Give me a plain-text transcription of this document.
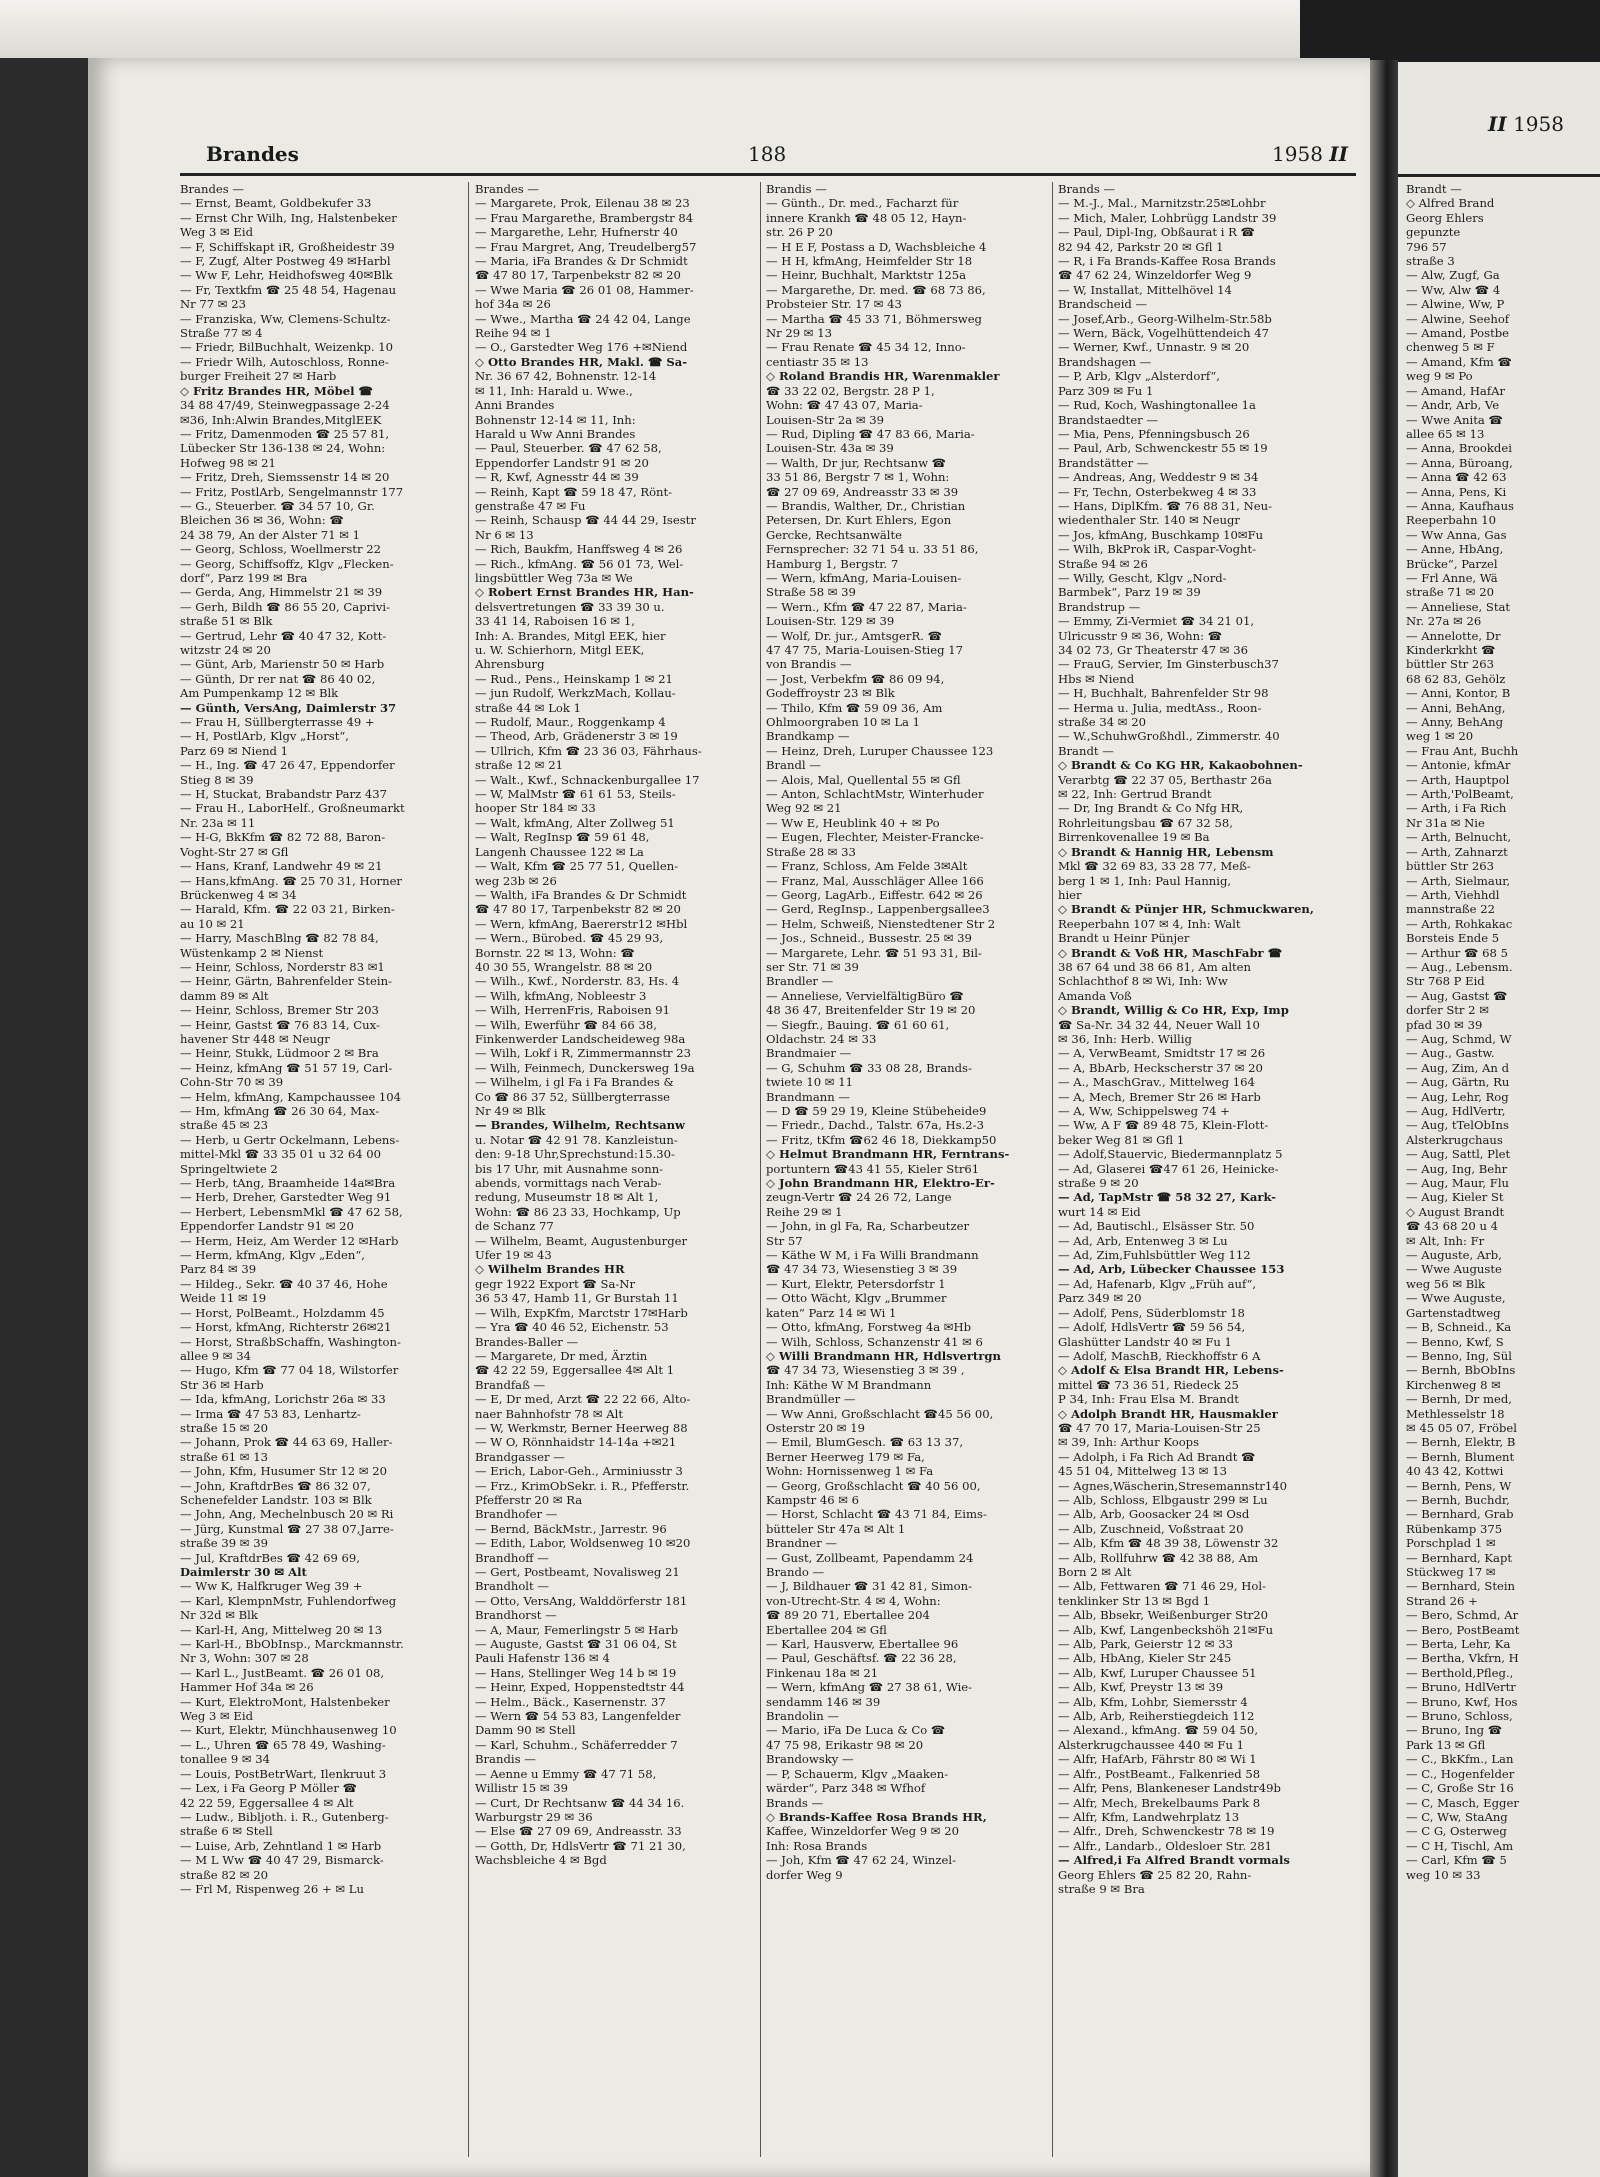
II 1958
Brandt —
◇ Alfred Brand
Georg Ehlers
gepunzte
796 57
straße 3
— Alw, Zugf, Ga
— Ww, Alw ☎ 4
— Alwine, Ww, P
— Alwine, Seehof
— Amand, Postbe
chenweg 5 ✉ F
— Amand, Kfm ☎
weg 9 ✉ Po
— Amand, HafAr
— Andr, Arb, Ve
— Wwe Anita ☎
allee 65 ✉ 13
— Anna, Brookdei
— Anna, Büroang,
— Anna ☎ 42 63
— Anna, Pens, Ki
— Anna, Kaufhaus
Reeperbahn 10
— Ww Anna, Gas
— Anne, HbAng,
Brücke“, Parzel
— Frl Anne, Wä
straße 71 ✉ 20
— Anneliese, Stat
Nr. 27a ✉ 26
— Annelotte, Dr
Kinderkrkht ☎
büttler Str 263
68 62 83, Gehölz
— Anni, Kontor, B
— Anni, BehAng,
— Anny, BehAng
weg 1 ✉ 20
— Frau Ant, Buchh
— Antonie, kfmAr
— Arth, Hauptpol
— Arth,'PolBeamt,
— Arth, i Fa Rich
Nr 31a ✉ Nie
— Arth, Belnucht,
— Arth, Zahnarzt
büttler Str 263
— Arth, Sielmaur,
— Arth, Viehhdl
mannstraße 22
— Arth, Rohkakac
Borsteis Ende 5
— Arthur ☎ 68 5
— Aug., Lebensm.
Str 768 P Eid
— Aug, Gastst ☎
dorfer Str 2 ✉
pfad 30 ✉ 39
— Aug, Schmd, W
— Aug., Gastw.
— Aug, Zim, An d
— Aug, Gärtn, Ru
— Aug, Lehr, Rog
— Aug, HdlVertr,
— Aug, tTelObIns
Alsterkrugchaus
— Aug, Sattl, Plet
— Aug, Ing, Behr
— Aug, Maur, Flu
— Aug, Kieler St
◇ August Brandt
☎ 43 68 20 u 4
✉ Alt, Inh: Fr
— Auguste, Arb,
— Wwe Auguste
weg 56 ✉ Blk
— Wwe Auguste,
Gartenstadtweg
— B, Schneid., Ka
— Benno, Kwf, S
— Benno, Ing, Sül
— Bernh, BbObIns
Kirchenweg 8 ✉
— Bernh, Dr med,
Methlesselstr 18
✉ 45 05 07, Fröbel
— Bernh, Elektr, B
— Bernh, Blument
40 43 42, Kottwi
— Bernh, Pens, W
— Bernh, Buchdr,
— Bernhard, Grab
Rübenkamp 375
Porschplad 1 ✉
— Bernhard, Kapt
Stückweg 17 ✉
— Bernhard, Stein
Strand 26 +
— Bero, Schmd, Ar
— Bero, PostBeamt
— Berta, Lehr, Ka
— Bertha, Vkfrn, H
— Berthold,Pfleg.,
— Bruno, HdlVertr
— Bruno, Kwf, Hos
— Bruno, Schloss,
— Bruno, Ing ☎
Park 13 ✉ Gfl
— C., BkKfm., Lan
— C., Hogenfelder
— C, Große Str 16
— C, Masch, Egger
— C, Ww, StaAng
— C G, Osterweg
— C H, Tischl, Am
— Carl, Kfm ☎ 5
weg 10 ✉ 33
Brandes	188	1958 II
Brandes —
— Ernst, Beamt, Goldbekufer 33
— Ernst Chr Wilh, Ing, Halstenbeker
Weg 3 ✉ Eid
— F, Schiffskapt iR, Großheidestr 39
— F, Zugf, Alter Postweg 49 ✉Harbl
— Ww F, Lehr, Heidhofsweg 40✉Blk
— Fr, Textkfm ☎ 25 48 54, Hagenau
Nr 77 ✉ 23
— Franziska, Ww, Clemens-Schultz-
Straße 77 ✉ 4
— Friedr, BilBuchhalt, Weizenkp. 10
— Friedr Wilh, Autoschloss, Ronne-
burger Freiheit 27 ✉ Harb
◇ Fritz Brandes HR, Möbel ☎
34 88 47/49, Steinwegpassage 2-24
✉36, Inh:Alwin Brandes,MitglEEK
— Fritz, Damenmoden ☎ 25 57 81,
Lübecker Str 136-138 ✉ 24, Wohn:
Hofweg 98 ✉ 21
— Fritz, Dreh, Siemssenstr 14 ✉ 20
— Fritz, PostlArb, Sengelmannstr 177
— G., Steuerber. ☎ 34 57 10, Gr.
Bleichen 36 ✉ 36, Wohn: ☎
24 38 79, An der Alster 71 ✉ 1
— Georg, Schloss, Woellmerstr 22
— Georg, Schiffsoffz, Klgv „Flecken-
dorf“, Parz 199 ✉ Bra
— Gerda, Ang, Himmelstr 21 ✉ 39
— Gerh, Bildh ☎ 86 55 20, Caprivi-
straße 51 ✉ Blk
— Gertrud, Lehr ☎ 40 47 32, Kott-
witzstr 24 ✉ 20
— Günt, Arb, Marienstr 50 ✉ Harb
— Günth, Dr rer nat ☎ 86 40 02,
Am Pumpenkamp 12 ✉ Blk
— Günth, VersAng, Daimlerstr 37
— Frau H, Süllbergterrasse 49 +
— H, PostlArb, Klgv „Horst“,
Parz 69 ✉ Niend 1
— H., Ing. ☎ 47 26 47, Eppendorfer
Stieg 8 ✉ 39
— H, Stuckat, Brabandstr Parz 437
— Frau H., LaborHelf., Großneumarkt
Nr. 23a ✉ 11
— H-G, BkKfm ☎ 82 72 88, Baron-
Voght-Str 27 ✉ Gfl
— Hans, Kranf, Landwehr 49 ✉ 21
— Hans,kfmAng. ☎ 25 70 31, Horner
Brückenweg 4 ✉ 34
— Harald, Kfm. ☎ 22 03 21, Birken-
au 10 ✉ 21
— Harry, MaschBlng ☎ 82 78 84,
Wüstenkamp 2 ✉ Nienst
— Heinr, Schloss, Norderstr 83 ✉1
— Heinr, Gärtn, Bahrenfelder Stein-
damm 89 ✉ Alt
— Heinr, Schloss, Bremer Str 203
— Heinr, Gastst ☎ 76 83 14, Cux-
havener Str 448 ✉ Neugr
— Heinr, Stukk, Lüdmoor 2 ✉ Bra
— Heinz, kfmAng ☎ 51 57 19, Carl-
Cohn-Str 70 ✉ 39
— Helm, kfmAng, Kampchaussee 104
— Hm, kfmAng ☎ 26 30 64, Max-
straße 45 ✉ 23
— Herb, u Gertr Ockelmann, Lebens-
mittel-Mkl ☎ 33 35 01 u 32 64 00
Springeltwiete 2
— Herb, tAng, Braamheide 14a✉Bra
— Herb, Dreher, Garstedter Weg 91
— Herbert, LebensmMkl ☎ 47 62 58,
Eppendorfer Landstr 91 ✉ 20
— Herm, Heiz, Am Werder 12 ✉Harb
— Herm, kfmAng, Klgv „Eden“,
Parz 84 ✉ 39
— Hildeg., Sekr. ☎ 40 37 46, Hohe
Weide 11 ✉ 19
— Horst, PolBeamt., Holzdamm 45
— Horst, kfmAng, Richterstr 26✉21
— Horst, StraßbSchaffn, Washington-
allee 9 ✉ 34
— Hugo, Kfm ☎ 77 04 18, Wilstorfer
Str 36 ✉ Harb
— Ida, kfmAng, Lorichstr 26a ✉ 33
— Irma ☎ 47 53 83, Lenhartz-
straße 15 ✉ 20
— Johann, Prok ☎ 44 63 69, Haller-
straße 61 ✉ 13
— John, Kfm, Husumer Str 12 ✉ 20
— John, KraftdrBes ☎ 86 32 07,
Schenefelder Landstr. 103 ✉ Blk
— John, Ang, Mechelnbusch 20 ✉ Ri
— Jürg, Kunstmal ☎ 27 38 07,Jarre-
straße 39 ✉ 39
— Jul, KraftdrBes ☎ 42 69 69,
Daimlerstr 30 ✉ Alt
— Ww K, Halfkruger Weg 39 +
— Karl, KlempnMstr, Fuhlendorfweg
Nr 32d ✉ Blk
— Karl-H, Ang, Mittelweg 20 ✉ 13
— Karl-H., BbObInsp., Marckmannstr.
Nr 3, Wohn: 307 ✉ 28
— Karl L., JustBeamt. ☎ 26 01 08,
Hammer Hof 34a ✉ 26
— Kurt, ElektroMont, Halstenbeker
Weg 3 ✉ Eid
— Kurt, Elektr, Münchhausenweg 10
— L., Uhren ☎ 65 78 49, Washing-
tonallee 9 ✉ 34
— Louis, PostBetrWart, Ilenkruut 3
— Lex, i Fa Georg P Möller ☎
42 22 59, Eggersallee 4 ✉ Alt
— Ludw., Bibljoth. i. R., Gutenberg-
straße 6 ✉ Stell
— Luise, Arb, Zehntland 1 ✉ Harb
— M L Ww ☎ 40 47 29, Bismarck-
straße 82 ✉ 20
— Frl M, Rispenweg 26 + ✉ Lu
Brandes —
— Margarete, Prok, Eilenau 38 ✉ 23
— Frau Margarethe, Brambergstr 84
— Margarethe, Lehr, Hufnerstr 40
— Frau Margret, Ang, Treudelberg57
— Maria, iFa Brandes & Dr Schmidt
☎ 47 80 17, Tarpenbekstr 82 ✉ 20
— Wwe Maria ☎ 26 01 08, Hammer-
hof 34a ✉ 26
— Wwe., Martha ☎ 24 42 04, Lange
Reihe 94 ✉ 1
— O., Garstedter Weg 176 +✉Niend
◇ Otto Brandes HR, Makl. ☎ Sa-
Nr. 36 67 42, Bohnenstr. 12-14
✉ 11, Inh: Harald u. Wwe.,
Anni Brandes
Bohnenstr 12-14 ✉ 11, Inh:
Harald u Ww Anni Brandes
— Paul, Steuerber. ☎ 47 62 58,
Eppendorfer Landstr 91 ✉ 20
— R, Kwf, Agnesstr 44 ✉ 39
— Reinh, Kapt ☎ 59 18 47, Rönt-
genstraße 47 ✉ Fu
— Reinh, Schausp ☎ 44 44 29, Isestr
Nr 6 ✉ 13
— Rich, Baukfm, Hanffsweg 4 ✉ 26
— Rich., kfmAng. ☎ 56 01 73, Wel-
lingsbüttler Weg 73a ✉ We
◇ Robert Ernst Brandes HR, Han-
delsvertretungen ☎ 33 39 30 u.
33 41 14, Raboisen 16 ✉ 1,
Inh: A. Brandes, Mitgl EEK, hier
u. W. Schierhorn, Mitgl EEK,
Ahrensburg
— Rud., Pens., Heinskamp 1 ✉ 21
— jun Rudolf, WerkzMach, Kollau-
straße 44 ✉ Lok 1
— Rudolf, Maur., Roggenkamp 4
— Theod, Arb, Grädenerstr 3 ✉ 19
— Ullrich, Kfm ☎ 23 36 03, Fährhaus-
straße 12 ✉ 21
— Walt., Kwf., Schnackenburgallee 17
— W, MalMstr ☎ 61 61 53, Steils-
hooper Str 184 ✉ 33
— Walt, kfmAng, Alter Zollweg 51
— Walt, RegInsp ☎ 59 61 48,
Langenh Chaussee 122 ✉ La
— Walt, Kfm ☎ 25 77 51, Quellen-
weg 23b ✉ 26
— Walth, iFa Brandes & Dr Schmidt
☎ 47 80 17, Tarpenbekstr 82 ✉ 20
— Wern, kfmAng, Baererstr12 ✉Hbl
— Wern., Bürobed. ☎ 45 29 93,
Bornstr. 22 ✉ 13, Wohn: ☎
40 30 55, Wrangelstr. 88 ✉ 20
— Wilh., Kwf., Norderstr. 83, Hs. 4
— Wilh, kfmAng, Nobleestr 3
— Wilh, HerrenFris, Raboisen 91
— Wilh, Ewerführ ☎ 84 66 38,
Finkenwerder Landscheideweg 98a
— Wilh, Lokf i R, Zimmermannstr 23
— Wilh, Feinmech, Dunckersweg 19a
— Wilhelm, i gl Fa i Fa Brandes &
Co ☎ 86 37 52, Süllbergterrasse
Nr 49 ✉ Blk
— Brandes, Wilhelm, Rechtsanw
u. Notar ☎ 42 91 78. Kanzleistun-
den: 9-18 Uhr,Sprechstund:15.30-
bis 17 Uhr, mit Ausnahme sonn-
abends, vormittags nach Verab-
redung, Museumstr 18 ✉ Alt 1,
Wohn: ☎ 86 23 33, Hochkamp, Up
de Schanz 77
— Wilhelm, Beamt, Augustenburger
Ufer 19 ✉ 43
◇ Wilhelm Brandes HR
gegr 1922 Export ☎ Sa-Nr
36 53 47, Hamb 11, Gr Burstah 11
— Wilh, ExpKfm, Marctstr 17✉Harb
— Yra ☎ 40 46 52, Eichenstr. 53
Brandes-Baller —
— Margarete, Dr med, Ärztin
☎ 42 22 59, Eggersallee 4✉ Alt 1
Brandfaß —
— E, Dr med, Arzt ☎ 22 22 66, Alto-
naer Bahnhofstr 78 ✉ Alt
— W, Werkmstr, Berner Heerweg 88
— W O, Rönnhaidstr 14-14a +✉21
Brandgasser —
— Erich, Labor-Geh., Arminiusstr 3
— Frz., KrimObSekr. i. R., Pfefferstr.
Pfefferstr 20 ✉ Ra
Brandhofer —
— Bernd, BäckMstr., Jarrestr. 96
— Edith, Labor, Woldsenweg 10 ✉20
Brandhoff —
— Gert, Postbeamt, Novalisweg 21
Brandholt —
— Otto, VersAng, Walddörferstr 181
Brandhorst —
— A, Maur, Femerlingstr 5 ✉ Harb
— Auguste, Gastst ☎ 31 06 04, St
Pauli Hafenstr 136 ✉ 4
— Hans, Stellinger Weg 14 b ✉ 19
— Heinr, Exped, Hoppenstedtstr 44
— Helm., Bäck., Kasernenstr. 37
— Wern ☎ 54 53 83, Langenfelder
Damm 90 ✉ Stell
— Karl, Schuhm., Schäferredder 7
Brandis —
— Aenne u Emmy ☎ 47 71 58,
Willistr 15 ✉ 39
— Curt, Dr Rechtsanw ☎ 44 34 16.
Warburgstr 29 ✉ 36
— Else ☎ 27 09 69, Andreasstr. 33
— Gotth, Dr, HdlsVertr ☎ 71 21 30,
Wachsbleiche 4 ✉ Bgd
Brandis —
— Günth., Dr. med., Facharzt für
innere Krankh ☎ 48 05 12, Hayn-
str. 26 P 20
— H E F, Postass a D, Wachsbleiche 4
— H H, kfmAng, Heimfelder Str 18
— Heinr, Buchhalt, Marktstr 125a
— Margarethe, Dr. med. ☎ 68 73 86,
Probsteier Str. 17 ✉ 43
— Martha ☎ 45 33 71, Böhmersweg
Nr 29 ✉ 13
— Frau Renate ☎ 45 34 12, Inno-
centiastr 35 ✉ 13
◇ Roland Brandis HR, Warenmakler
☎ 33 22 02, Bergstr. 28 P 1,
Wohn: ☎ 47 43 07, Maria-
Louisen-Str 2a ✉ 39
— Rud, Dipling ☎ 47 83 66, Maria-
Louisen-Str. 43a ✉ 39
— Walth, Dr jur, Rechtsanw ☎
33 51 86, Bergstr 7 ✉ 1, Wohn:
☎ 27 09 69, Andreasstr 33 ✉ 39
— Brandis, Walther, Dr., Christian
Petersen, Dr. Kurt Ehlers, Egon
Gercke, Rechtsanwälte
Fernsprecher: 32 71 54 u. 33 51 86,
Hamburg 1, Bergstr. 7
— Wern, kfmAng, Maria-Louisen-
Straße 58 ✉ 39
— Wern., Kfm ☎ 47 22 87, Maria-
Louisen-Str. 129 ✉ 39
— Wolf, Dr. jur., AmtsgerR. ☎
47 47 75, Maria-Louisen-Stieg 17
von Brandis —
— Jost, Verbekfm ☎ 86 09 94,
Godeffroystr 23 ✉ Blk
— Thilo, Kfm ☎ 59 09 36, Am
Ohlmoorgraben 10 ✉ La 1
Brandkamp —
— Heinz, Dreh, Luruper Chaussee 123
Brandl —
— Alois, Mal, Quellental 55 ✉ Gfl
— Anton, SchlachtMstr, Winterhuder
Weg 92 ✉ 21
— Ww E, Heublink 40 + ✉ Po
— Eugen, Flechter, Meister-Francke-
Straße 28 ✉ 33
— Franz, Schloss, Am Felde 3✉Alt
— Franz, Mal, Ausschläger Allee 166
— Georg, LagArb., Eiffestr. 642 ✉ 26
— Gerd, RegInsp., Lappenbergsallee3
— Helm, Schweiß, Nienstedtener Str 2
— Jos., Schneid., Bussestr. 25 ✉ 39
— Margarete, Lehr. ☎ 51 93 31, Bil-
ser Str. 71 ✉ 39
Brandler —
— Anneliese, VervielfältigBüro ☎
48 36 47, Breitenfelder Str 19 ✉ 20
— Siegfr., Bauing. ☎ 61 60 61,
Oldachstr. 24 ✉ 33
Brandmaier —
— G, Schuhm ☎ 33 08 28, Brands-
twiete 10 ✉ 11
Brandmann —
— D ☎ 59 29 19, Kleine Stübeheide9
— Friedr., Dachd., Talstr. 67a, Hs.2-3
— Fritz, tKfm ☎62 46 18, Diekkamp50
◇ Helmut Brandmann HR, Ferntrans-
portuntern ☎43 41 55, Kieler Str61
◇ John Brandmann HR, Elektro-Er-
zeugn-Vertr ☎ 24 26 72, Lange
Reihe 29 ✉ 1
— John, in gl Fa, Ra, Scharbeutzer
Str 57
— Käthe W M, i Fa Willi Brandmann
☎ 47 34 73, Wiesenstieg 3 ✉ 39
— Kurt, Elektr, Petersdorfstr 1
— Otto Wächt, Klgv „Brummer
katen“ Parz 14 ✉ Wi 1
— Otto, kfmAng, Forstweg 4a ✉Hb
— Wilh, Schloss, Schanzenstr 41 ✉ 6
◇ Willi Brandmann HR, Hdlsvertrgn
☎ 47 34 73, Wiesenstieg 3 ✉ 39 ,
Inh: Käthe W M Brandmann
Brandmüller —
— Ww Anni, Großschlacht ☎45 56 00,
Osterstr 20 ✉ 19
— Emil, BlumGesch. ☎ 63 13 37,
Berner Heerweg 179 ✉ Fa,
Wohn: Hornissenweg 1 ✉ Fa
— Georg, Großschlacht ☎ 40 56 00,
Kampstr 46 ✉ 6
— Horst, Schlacht ☎ 43 71 84, Eims-
bütteler Str 47a ✉ Alt 1
Brandner —
— Gust, Zollbeamt, Papendamm 24
Brando —
— J, Bildhauer ☎ 31 42 81, Simon-
von-Utrecht-Str. 4 ✉ 4, Wohn:
☎ 89 20 71, Ebertallee 204
Ebertallee 204 ✉ Gfl
— Karl, Hausverw, Ebertallee 96
— Paul, Geschäftsf. ☎ 22 36 28,
Finkenau 18a ✉ 21
— Wern, kfmAng ☎ 27 38 61, Wie-
sendamm 146 ✉ 39
Brandolin —
— Mario, iFa De Luca & Co ☎
47 75 98, Erikastr 98 ✉ 20
Brandowsky —
— P, Schauerm, Klgv „Maaken-
wärder“, Parz 348 ✉ Wfhof
Brands —
◇ Brands-Kaffee Rosa Brands HR,
Kaffee, Winzeldorfer Weg 9 ✉ 20
Inh: Rosa Brands
— Joh, Kfm ☎ 47 62 24, Winzel-
dorfer Weg 9
Brands —
— M.-J., Mal., Marnitzstr.25✉Lohbr
— Mich, Maler, Lohbrügg Landstr 39
— Paul, Dipl-Ing, Obßaurat i R ☎
82 94 42, Parkstr 20 ✉ Gfl 1
— R, i Fa Brands-Kaffee Rosa Brands
☎ 47 62 24, Winzeldorfer Weg 9
— W, Installat, Mittelhövel 14
Brandscheid —
— Josef,Arb., Georg-Wilhelm-Str.58b
— Wern, Bäck, Vogelhüttendeich 47
— Werner, Kwf., Unnastr. 9 ✉ 20
Brandshagen —
— P, Arb, Klgv „Alsterdorf“,
Parz 309 ✉ Fu 1
— Rud, Koch, Washingtonallee 1a
Brandstaedter —
— Mia, Pens, Pfenningsbusch 26
— Paul, Arb, Schwenckestr 55 ✉ 19
Brandstätter —
— Andreas, Ang, Weddestr 9 ✉ 34
— Fr, Techn, Osterbekweg 4 ✉ 33
— Hans, DiplKfm. ☎ 76 88 31, Neu-
wiedenthaler Str. 140 ✉ Neugr
— Jos, kfmAng, Buschkamp 10✉Fu
— Wilh, BkProk iR, Caspar-Voght-
Straße 94 ✉ 26
— Willy, Gescht, Klgv „Nord-
Barmbek“, Parz 19 ✉ 39
Brandstrup —
— Emmy, Zi-Vermiet ☎ 34 21 01,
Ulricusstr 9 ✉ 36, Wohn: ☎
34 02 73, Gr Theaterstr 47 ✉ 36
— FrauG, Servier, Im Ginsterbusch37
Hbs ✉ Niend
— H, Buchhalt, Bahrenfelder Str 98
— Herma u. Julia, medtAss., Roon-
straße 34 ✉ 20
— W.,SchuhwGroßhdl., Zimmerstr. 40
Brandt —
◇ Brandt & Co KG HR, Kakaobohnen-
Verarbtg ☎ 22 37 05, Berthastr 26a
✉ 22, Inh: Gertrud Brandt
— Dr, Ing Brandt & Co Nfg HR,
Rohrleitungsbau ☎ 67 32 58,
Birrenkovenallee 19 ✉ Ba
◇ Brandt & Hannig HR, Lebensm
Mkl ☎ 32 69 83, 33 28 77, Meß-
berg 1 ✉ 1, Inh: Paul Hannig,
hier
◇ Brandt & Pünjer HR, Schmuckwaren,
Reeperbahn 107 ✉ 4, Inh: Walt
Brandt u Heinr Pünjer
◇ Brandt & Voß HR, MaschFabr ☎
38 67 64 und 38 66 81, Am alten
Schlachthof 8 ✉ Wi, Inh: Ww
Amanda Voß
◇ Brandt, Willig & Co HR, Exp, Imp
☎ Sa-Nr. 34 32 44, Neuer Wall 10
✉ 36, Inh: Herb. Willig
— A, VerwBeamt, Smidtstr 17 ✉ 26
— A, BbArb, Heckscherstr 37 ✉ 20
— A., MaschGrav., Mittelweg 164
— A, Mech, Bremer Str 26 ✉ Harb
— A, Ww, Schippelsweg 74 +
— Ww, A F ☎ 89 48 75, Klein-Flott-
beker Weg 81 ✉ Gfl 1
— Adolf,Stauervic, Biedermannplatz 5
— Ad, Glaserei ☎47 61 26, Heinicke-
straße 9 ✉ 20
— Ad, TapMstr ☎ 58 32 27, Kark-
wurt 14 ✉ Eid
— Ad, Bautischl., Elsässer Str. 50
— Ad, Arb, Entenweg 3 ✉ Lu
— Ad, Zim,Fuhlsbüttler Weg 112
— Ad, Arb, Lübecker Chaussee 153
— Ad, Hafenarb, Klgv „Früh auf“,
Parz 349 ✉ 20
— Adolf, Pens, Süderblomstr 18
— Adolf, HdlsVertr ☎ 59 56 54,
Glashütter Landstr 40 ✉ Fu 1
— Adolf, MaschB, Rieckhoffstr 6 A
◇ Adolf & Elsa Brandt HR, Lebens-
mittel ☎ 73 36 51, Riedeck 25
P 34, Inh: Frau Elsa M. Brandt
◇ Adolph Brandt HR, Hausmakler
☎ 47 70 17, Maria-Louisen-Str 25
✉ 39, Inh: Arthur Koops
— Adolph, i Fa Rich Ad Brandt ☎
45 51 04, Mittelweg 13 ✉ 13
— Agnes,Wäscherin,Stresemannstr140
— Alb, Schloss, Elbgaustr 299 ✉ Lu
— Alb, Arb, Goosacker 24 ✉ Osd
— Alb, Zuschneid, Voßstraat 20
— Alb, Kfm ☎ 48 39 38, Löwenstr 32
— Alb, Rollfuhrw ☎ 42 38 88, Am
Born 2 ✉ Alt
— Alb, Fettwaren ☎ 71 46 29, Hol-
tenklinker Str 13 ✉ Bgd 1
— Alb, Bbsekr, Weißenburger Str20
— Alb, Kwf, Langenbeckshöh 21✉Fu
— Alb, Park, Geierstr 12 ✉ 33
— Alb, HbAng, Kieler Str 245
— Alb, Kwf, Luruper Chaussee 51
— Alb, Kwf, Preystr 13 ✉ 39
— Alb, Kfm, Lohbr, Siemersstr 4
— Alb, Arb, Reiherstiegdeich 112
— Alexand., kfmAng. ☎ 59 04 50,
Alsterkrugchaussee 440 ✉ Fu 1
— Alfr, HafArb, Fährstr 80 ✉ Wi 1
— Alfr., PostBeamt., Falkenried 58
— Alfr, Pens, Blankeneser Landstr49b
— Alfr, Mech, Brekelbaums Park 8
— Alfr, Kfm, Landwehrplatz 13
— Alfr., Dreh, Schwenckestr 78 ✉ 19
— Alfr., Landarb., Oldesloer Str. 281
— Alfred,i Fa Alfred Brandt vormals
Georg Ehlers ☎ 25 82 20, Rahn-
straße 9 ✉ Bra
